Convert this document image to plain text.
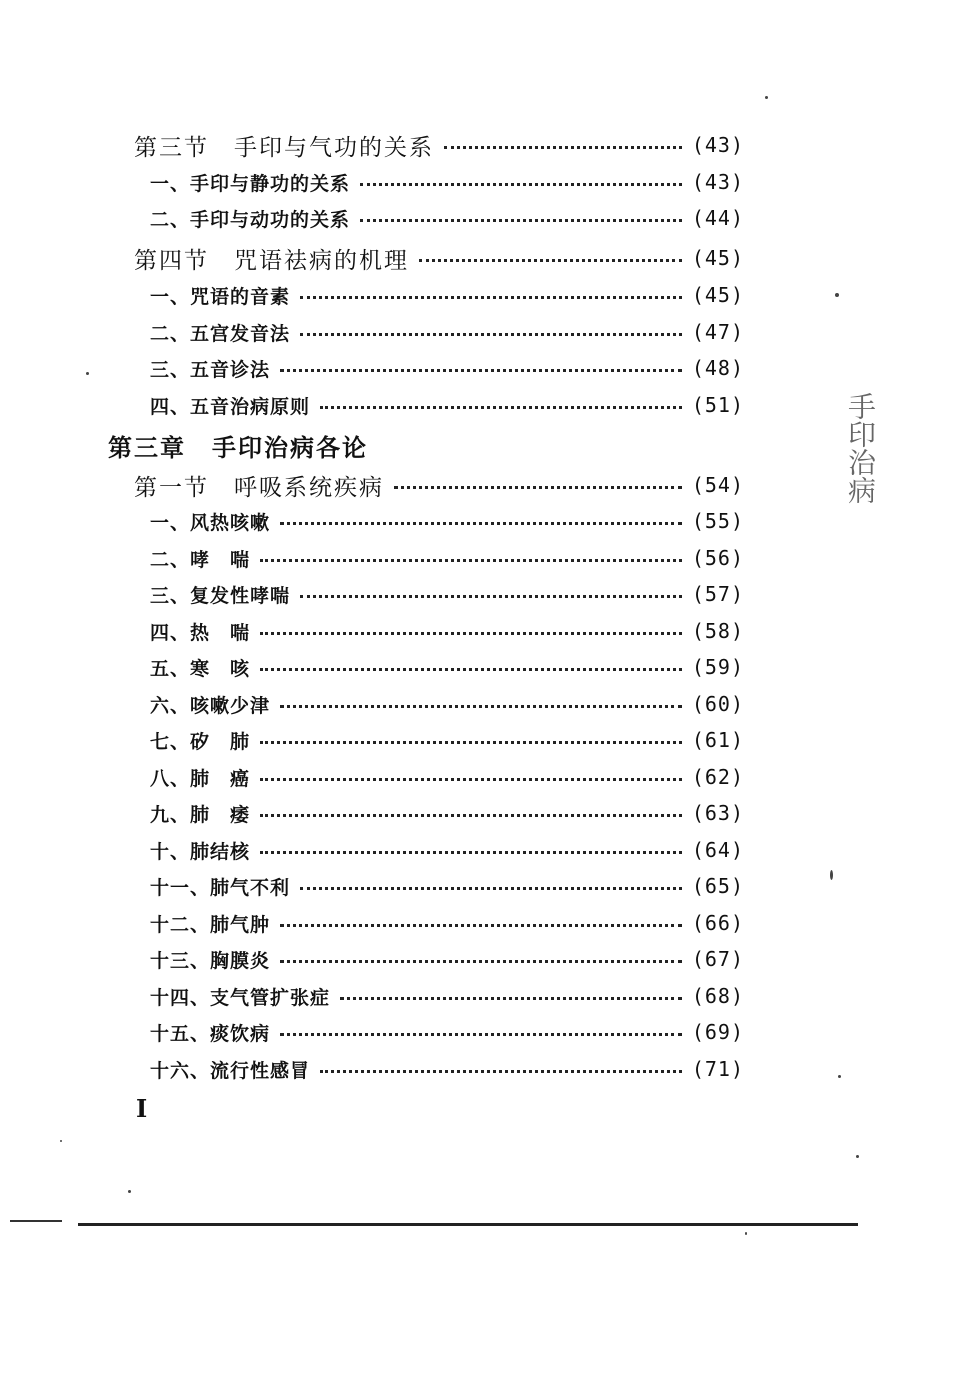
第三节　手印与气功的关系	(43)
一、手印与静功的关系	(43)
二、手印与动功的关系	(44)
第四节　咒语祛病的机理	(45)
一、咒语的音素	(45)
二、五宫发音法	(47)
三、五音诊法	(48)
四、五音治病原则	(51)
第三章　手印治病各论
第一节　呼吸系统疾病	(54)
一、风热咳嗽	(55)
二、哮　喘	(56)
三、复发性哮喘	(57)
四、热　喘	(58)
五、寒　咳	(59)
六、咳嗽少津	(60)
七、矽　肺	(61)
八、肺　癌	(62)
九、肺　痿	(63)
十、肺结核	(64)
十一、肺气不利	(65)
十二、肺气肿	(66)
十三、胸膜炎	(67)
十四、支气管扩张症	(68)
十五、痰饮病	(69)
十六、流行性感冒	(71)
I
手印治病
